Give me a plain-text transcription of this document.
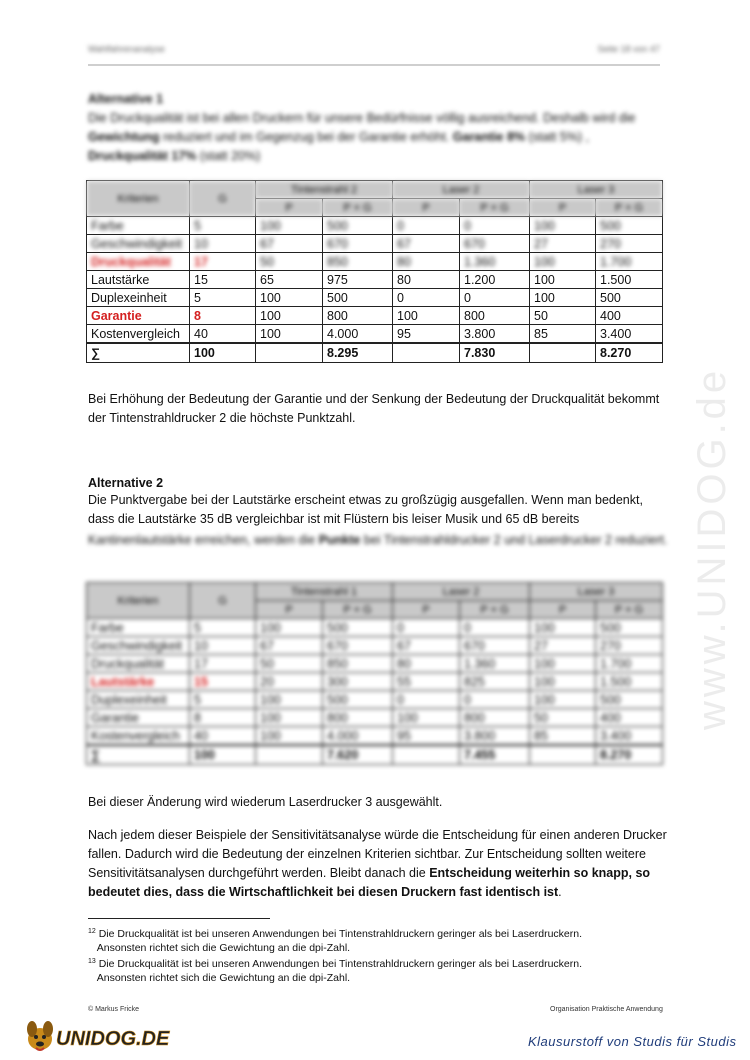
www.UNIDOG.de
Wahlfahrenanalyse	Seite 18 von 47
Alternative 1
Die Druckqualität ist bei allen Druckern für unsere Bedürfnisse völlig ausreichend. Deshalb wird die Gewichtung reduziert und im Gegenzug bei der Garantie erhöht. Garantie 8% (statt 5%) , Druckqualität 17% (statt 20%)
Kriterien	G	Tintenstrahl 2		Laser 2		Laser 3	
		P	P × G	P	P × G	P	P × G
Farbe	5	100	500	0	0	100	500
Geschwindigkeit	10	67	670	67	670	27	270
Druckqualität	17	50	850	80	1.360	100	1.700
Lautstärke	15	65	975	80	1.200	100	1.500
Duplexeinheit	5	100	500	0	0	100	500
Garantie	8	100	800	100	800	50	400
Kostenvergleich	40	100	4.000	95	3.800	85	3.400
∑	100		8.295		7.830		8.270

Bei Erhöhung der Bedeutung der Garantie und der Senkung der Bedeutung der Druckqualität bekommt der Tintenstrahldrucker 2 die höchste Punktzahl.

Alternative 2

Die Punktvergabe bei der Lautstärke erscheint etwas zu großzügig ausgefallen. Wenn man bedenkt, dass die Lautstärke 35 dB vergleichbar ist mit Flüstern bis leiser Musik und 65 dB bereits

Kantinenlautstärke erreichen, werden die Punkte bei Tintenstrahldrucker 2 und Laserdrucker 2 reduziert.

Kriterien	G	Tintenstrahl 1		Laser 2		Laser 3	
		P	P × G	P	P × G	P	P × G
Farbe	5	100	500	0	0	100	500
Geschwindigkeit	10	67	670	67	670	27	270
Druckqualität	17	50	850	80	1.360	100	1.700
Lautstärke	15	20	300	55	825	100	1.500
Duplexeinheit	5	100	500	0	0	100	500
Garantie	8	100	800	100	800	50	400
Kostenvergleich	40	100	4.000	95	3.800	85	3.400
∑	100		7.620		7.455		8.270

Bei dieser Änderung wird wiederum Laserdrucker 3 ausgewählt.

Nach jedem dieser Beispiele der Sensitivitätsanalyse würde die Entscheidung für einen anderen Drucker fallen. Dadurch wird die Bedeutung der einzelnen Kriterien sichtbar. Zur Entscheidung sollten weitere Sensitivitätsanalysen durchgeführt werden. Bleibt danach die Entscheidung weiterhin so knapp, so bedeutet dies, dass die Wirtschaftlichkeit bei diesen Druckern fast identisch ist.

$^{12}$ Die Druckqualität ist bei unseren Anwendungen bei Tintenstrahldruckern geringer als bei Laserdruckern.
Ansonsten richtet sich die Gewichtung an die dpi-Zahl.
$^{13}$ Die Druckqualität ist bei unseren Anwendungen bei Tintenstrahldruckern geringer als bei Laserdruckern.
Ansonsten richtet sich die Gewichtung an die dpi-Zahl.
© Markus Fricke	Organisation Praktische Anwendung
UNIDOG.DE	Klausurstoff von Studis für Studis
